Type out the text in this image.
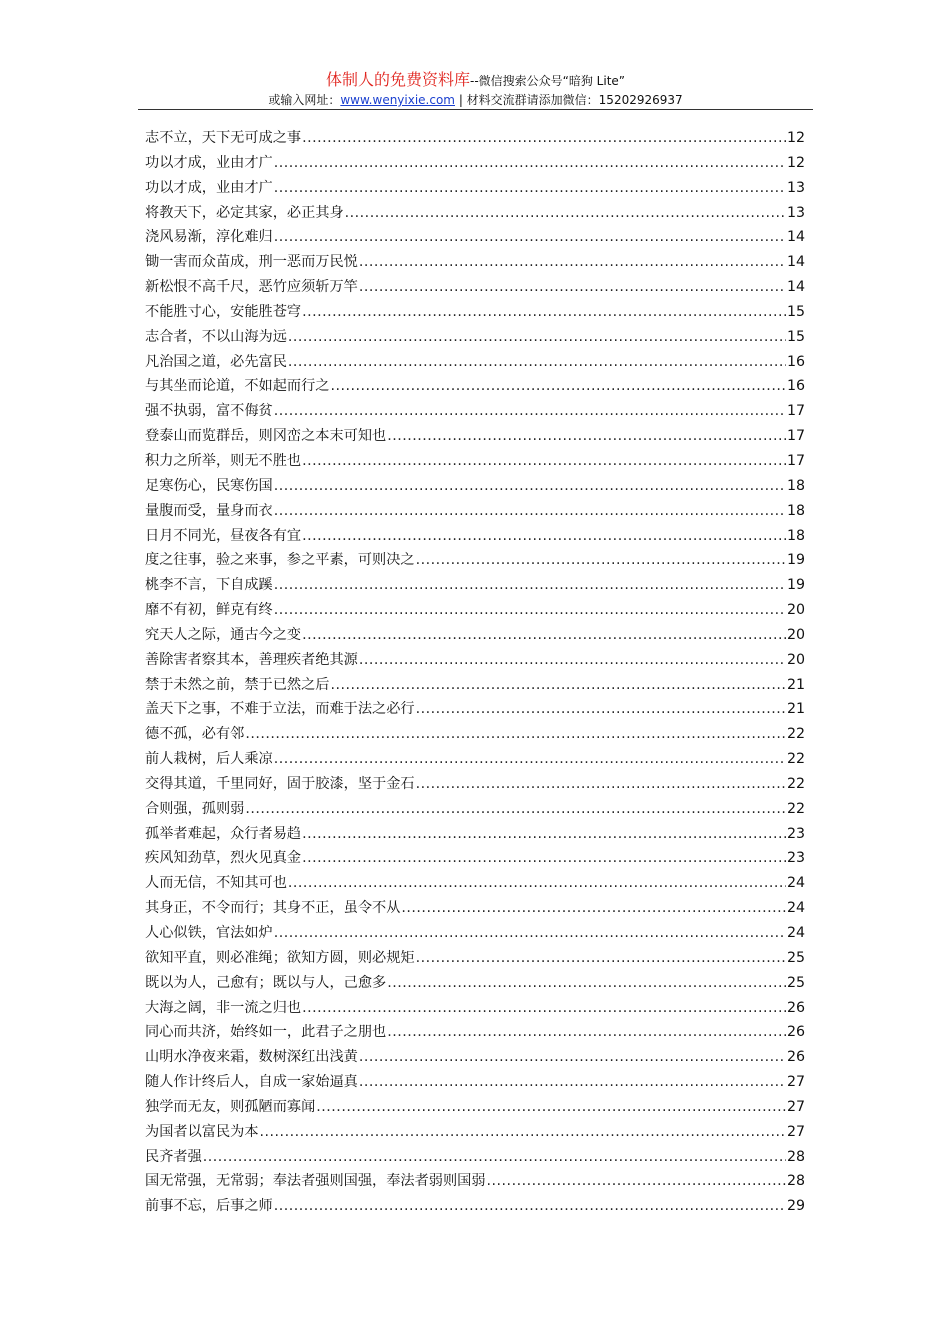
体制人的免费资料库--微信搜索公众号“暗狗 Lite”
或输入网址：www.wenyixie.com | 材料交流群请添加微信：15202926937
志不立，天下无可成之事 .....	12
功以才成，业由才广 .....	12
功以才成，业由才广 .....	13
将教天下，必定其家，必正其身 .....	13
浇风易渐，淳化难归 .....	14
锄一害而众苗成，刑一恶而万民悦 .....	14
新松恨不高千尺，恶竹应须斩万竿 .....	14
不能胜寸心，安能胜苍穹 .....	15
志合者，不以山海为远 .....	15
凡治国之道，必先富民 .....	16
与其坐而论道，不如起而行之 .....	16
强不执弱，富不侮贫 .....	17
登泰山而览群岳，则冈峦之本末可知也 .....	17
积力之所举，则无不胜也 .....	17
足寒伤心，民寒伤国 .....	18
量腹而受，量身而衣 .....	18
日月不同光，昼夜各有宜 .....	18
度之往事，验之来事，参之平素，可则决之 .....	19
桃李不言，下自成蹊 .....	19
靡不有初，鲜克有终 .....	20
究天人之际，通古今之变 .....	20
善除害者察其本，善理疾者绝其源 .....	20
禁于未然之前，禁于已然之后 .....	21
盖天下之事，不难于立法，而难于法之必行 .....	21
德不孤，必有邻 .....	22
前人栽树，后人乘凉 .....	22
交得其道，千里同好，固于胶漆，坚于金石 .....	22
合则强，孤则弱 .....	22
孤举者难起，众行者易趋 .....	23
疾风知劲草，烈火见真金 .....	23
人而无信，不知其可也 .....	24
其身正，不令而行；其身不正，虽令不从 .....	24
人心似铁，官法如炉 .....	24
欲知平直，则必准绳；欲知方圆，则必规矩 .....	25
既以为人，己愈有；既以与人，己愈多 .....	25
大海之阔，非一流之归也 .....	26
同心而共济，始终如一，此君子之朋也 .....	26
山明水净夜来霜，数树深红出浅黄 .....	26
随人作计终后人，自成一家始逼真 .....	27
独学而无友，则孤陋而寡闻 .....	27
为国者以富民为本 .....	27
民齐者强 .....	28
国无常强，无常弱；奉法者强则国强，奉法者弱则国弱 .....	28
前事不忘，后事之师 .....	29
